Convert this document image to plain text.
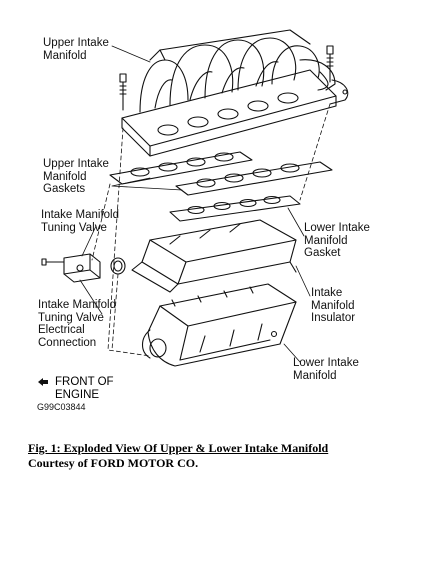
Upper Intake
Manifold
Upper Intake
Manifold
Gaskets
Intake Manifold
Tuning Valve	Lower Intake
Manifold
Gasket
Intake
Manifold
Insulator
Intake Manifold
Tuning Valve
Electrical
Connection
Lower Intake
Manifold
FRONT OF
ENGINE
G99C03844
Fig. 1: Exploded View Of Upper & Lower Intake Manifold
Courtesy of FORD MOTOR CO.
